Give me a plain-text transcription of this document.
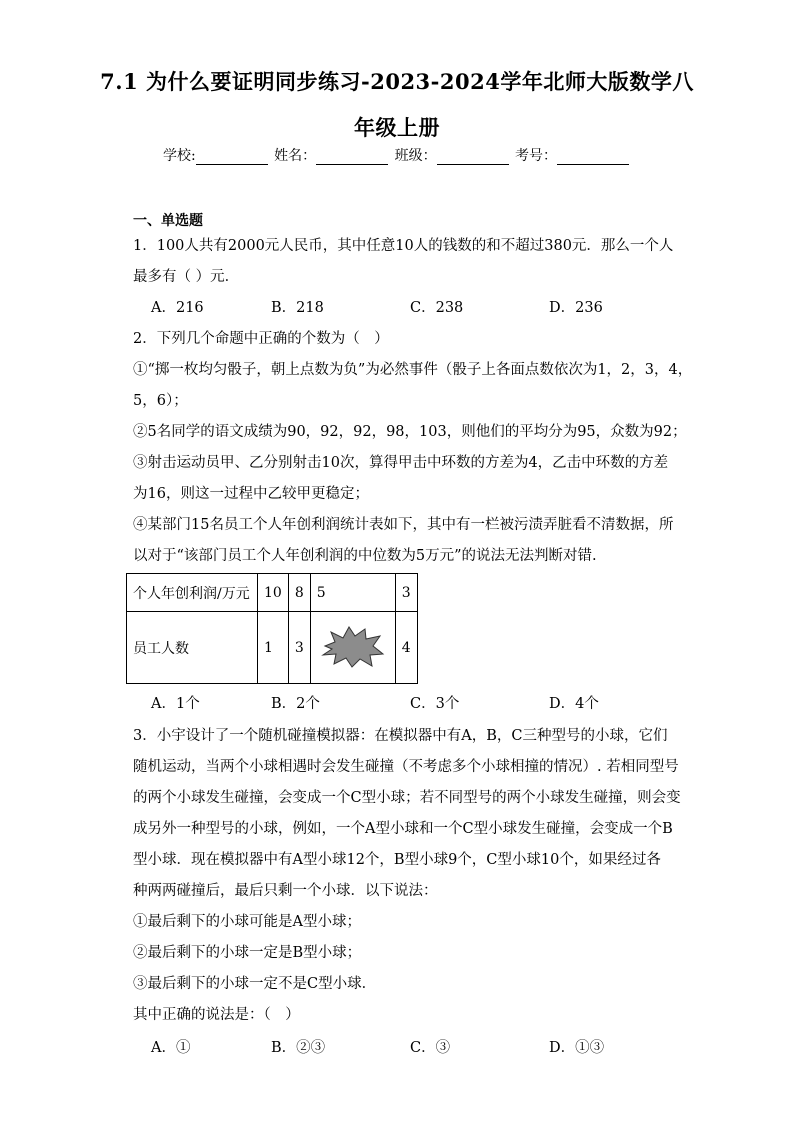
7.1 为什么要证明同步练习-2023-2024学年北师大版数学八
年级上册
学校:	姓名：	班级：	考号：
一、单选题
1．100人共有2000元人民币，其中任意10人的钱数的和不超过380元．那么一个人
最多有（ ）元．
A．216	B．218	C．238	D．236
2．下列几个命题中正确的个数为（　）
①“掷一枚均匀骰子，朝上点数为负”为必然事件（骰子上各面点数依次为1，2，3，4，
5，6）；
②5名同学的语文成绩为90，92，92，98，103，则他们的平均分为95，众数为92；
③射击运动员甲、乙分别射击10次，算得甲击中环数的方差为4，乙击中环数的方差
为16，则这一过程中乙较甲更稳定；
④某部门15名员工个人年创利润统计表如下，其中有一栏被污渍弄脏看不清数据，所
以对于“该部门员工个人年创利润的中位数为5万元”的说法无法判断对错.
个人年创利润/万元	10	8	5	3
员工人数	1	3		4
A．1个	B．2个	C．3个	D．4个
3．小宇设计了一个随机碰撞模拟器：在模拟器中有A，B，C三种型号的小球，它们
随机运动，当两个小球相遇时会发生碰撞（不考虑多个小球相撞的情况）. 若相同型号
的两个小球发生碰撞，会变成一个C型小球；若不同型号的两个小球发生碰撞，则会变
成另外一种型号的小球，例如，一个A型小球和一个C型小球发生碰撞，会变成一个B
型小球．现在模拟器中有A型小球12个，B型小球9个，C型小球10个，如果经过各
种两两碰撞后，最后只剩一个小球．以下说法：
①最后剩下的小球可能是A型小球；
②最后剩下的小球一定是B型小球；
③最后剩下的小球一定不是C型小球．
其中正确的说法是：（　）
A．①	B．②③	C．③	D．①③
